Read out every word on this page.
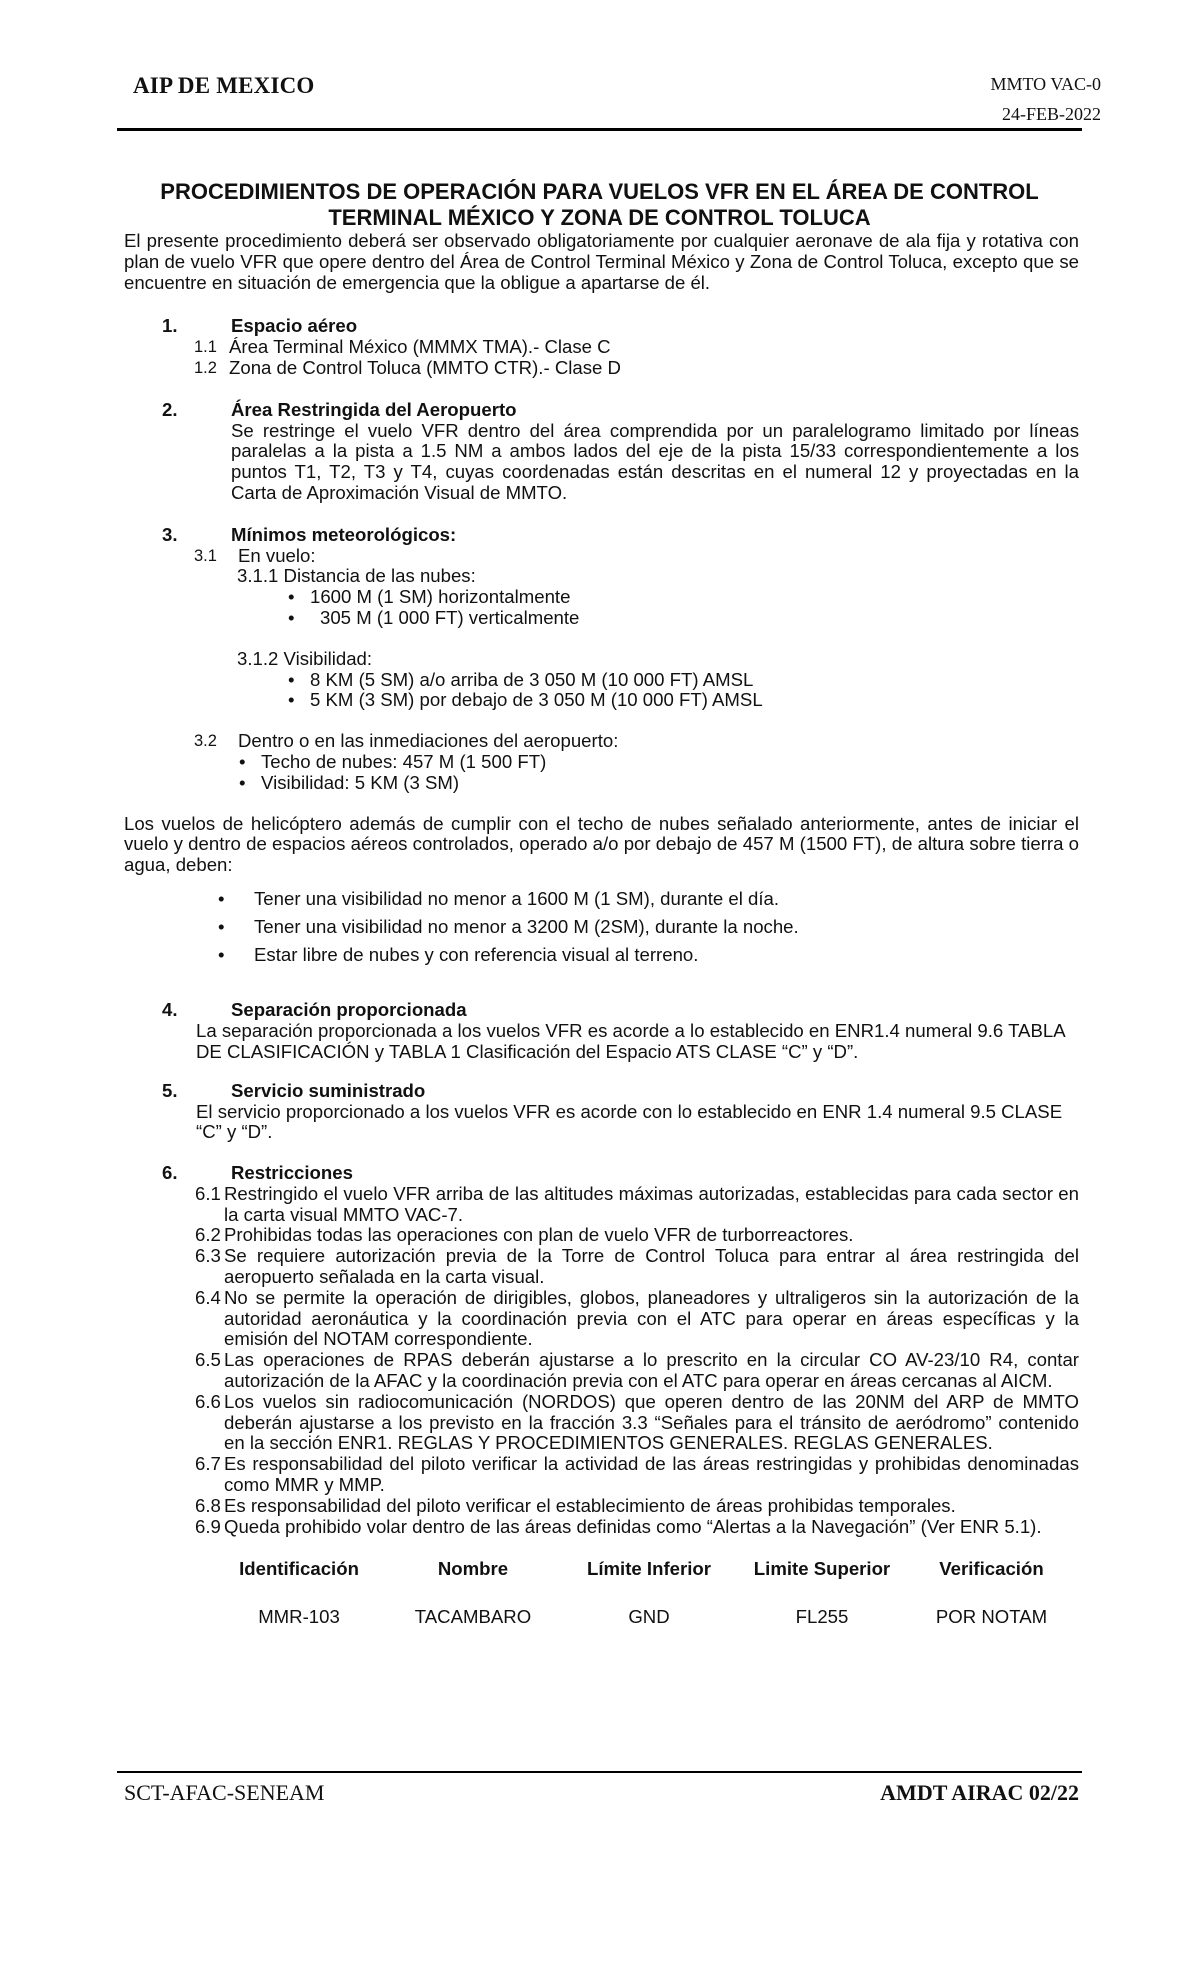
AIP DE MEXICO	MMTO VAC-0
24-FEB-2022
PROCEDIMIENTOS DE OPERACIÓN PARA VUELOS VFR EN EL ÁREA DE CONTROL
TERMINAL MÉXICO Y ZONA DE CONTROL TOLUCA

El presente procedimiento deberá ser observado obligatoriamente por cualquier aeronave de ala fija y rotativa con plan de vuelo VFR que opere dentro del Área de Control Terminal México y Zona de Control Toluca, excepto que se encuentre en situación de emergencia que la obligue a apartarse de él.

1.	Espacio aéreo
1.1 Área Terminal México (MMMX TMA).- Clase C
1.2 Zona de Control Toluca (MMTO CTR).- Clase D
2.	Área Restringida del Aeropuerto

Se restringe el vuelo VFR dentro del área comprendida por un paralelogramo limitado por líneas paralelas a la pista a 1.5 NM a ambos lados del eje de la pista 15/33 correspondientemente a los puntos T1, T2, T3 y T4, cuyas coordenadas están descritas en el numeral 12 y proyectadas en la Carta de Aproximación Visual de MMTO.

3.	Mínimos meteorológicos:
3.1	En vuelo:
3.1.1 Distancia de las nubes:
• 1600 M (1 SM) horizontalmente
•	305 M (1 000 FT) verticalmente
3.1.2 Visibilidad:
• 8 KM (5 SM) a/o arriba de 3 050 M (10 000 FT) AMSL
• 5 KM (3 SM) por debajo de 3 050 M (10 000 FT) AMSL
3.2	Dentro o en las inmediaciones del aeropuerto:
• Techo de nubes: 457 M (1 500 FT)
• Visibilidad: 5 KM (3 SM)

Los vuelos de helicóptero además de cumplir con el techo de nubes señalado anteriormente, antes de iniciar el vuelo y dentro de espacios aéreos controlados, operado a/o por debajo de 457 M (1500 FT), de altura sobre tierra o agua, deben:

•	Tener una visibilidad no menor a 1600 M (1 SM), durante el día.
•	Tener una visibilidad no menor a 3200 M (2SM), durante la noche.
•	Estar libre de nubes y con referencia visual al terreno.
4.	Separación proporcionada

La separación proporcionada a los vuelos VFR es acorde a lo establecido en ENR1.4 numeral 9.6 TABLA DE CLASIFICACIÓN y TABLA 1 Clasificación del Espacio ATS CLASE “C” y “D”.

5.	Servicio suministrado

El servicio proporcionado a los vuelos VFR es acorde con lo establecido en ENR 1.4 numeral 9.5 CLASE “C” y “D”.

6.	Restricciones
6.1 Restringido el vuelo VFR arriba de las altitudes máximas autorizadas, establecidas para cada sector en la carta visual MMTO VAC-7.
6.2 Prohibidas todas las operaciones con plan de vuelo VFR de turborreactores.
6.3 Se requiere autorización previa de la Torre de Control Toluca para entrar al área restringida del aeropuerto señalada en la carta visual.
6.4 No se permite la operación de dirigibles, globos, planeadores y ultraligeros sin la autorización de la autoridad aeronáutica y la coordinación previa con el ATC para operar en áreas específicas y la emisión del NOTAM correspondiente.
6.5 Las operaciones de RPAS deberán ajustarse a lo prescrito en la circular CO AV-23/10 R4, contar autorización de la AFAC y la coordinación previa con el ATC para operar en áreas cercanas al AICM.
6.6 Los vuelos sin radiocomunicación (NORDOS) que operen dentro de las 20NM del ARP de MMTO deberán ajustarse a los previsto en la fracción 3.3 “Señales para el tránsito de aeródromo” contenido en la sección ENR1. REGLAS Y PROCEDIMIENTOS GENERALES. REGLAS GENERALES.
6.7 Es responsabilidad del piloto verificar la actividad de las áreas restringidas y prohibidas denominadas como MMR y MMP.
6.8 Es responsabilidad del piloto verificar el establecimiento de áreas prohibidas temporales.
6.9 Queda prohibido volar dentro de las áreas definidas como “Alertas a la Navegación” (Ver ENR 5.1).
Identificación	Nombre	Límite Inferior	Limite Superior	Verificación
MMR-103	TACAMBARO	GND	FL255	POR NOTAM
SCT-AFAC-SENEAM	AMDT AIRAC 02/22
